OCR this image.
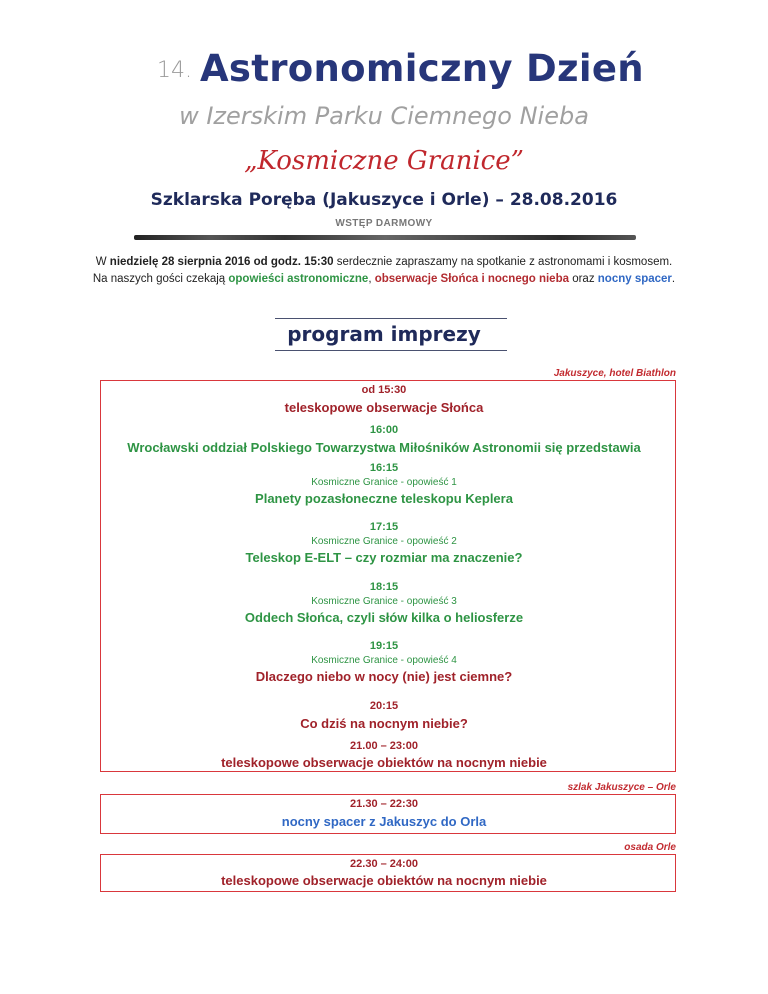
14. Astronomiczny Dzień
w Izerskim Parku Ciemnego Nieba
„Kosmiczne Granice”
Szklarska Poręba (Jakuszyce i Orle) – 28.08.2016
WSTĘP DARMOWY
W niedzielę 28 sierpnia 2016 od godz. 15:30 serdecznie zapraszamy na spotkanie z astronomami i kosmosem.
Na naszych gości czekają opowieści astronomiczne, obserwacje Słońca i nocnego nieba oraz nocny spacer.
program imprezy
Jakuszyce, hotel Biathlon
od 15:30
teleskopowe obserwacje Słońca
16:00
Wrocławski oddział Polskiego Towarzystwa Miłośników Astronomii się przedstawia
16:15
Kosmiczne Granice - opowieść 1
Planety pozasłoneczne teleskopu Keplera
17:15
Kosmiczne Granice - opowieść 2
Teleskop E-ELT – czy rozmiar ma znaczenie?
18:15
Kosmiczne Granice - opowieść 3
Oddech Słońca, czyli słów kilka o heliosferze
19:15
Kosmiczne Granice - opowieść 4
Dlaczego niebo w nocy (nie) jest ciemne?
20:15
Co dziś na nocnym niebie?
21.00 – 23:00
teleskopowe obserwacje obiektów na nocnym niebie
szlak Jakuszyce – Orle
21.30 – 22:30
nocny spacer z Jakuszyc do Orla
osada Orle
22.30 – 24:00
teleskopowe obserwacje obiektów na nocnym niebie
